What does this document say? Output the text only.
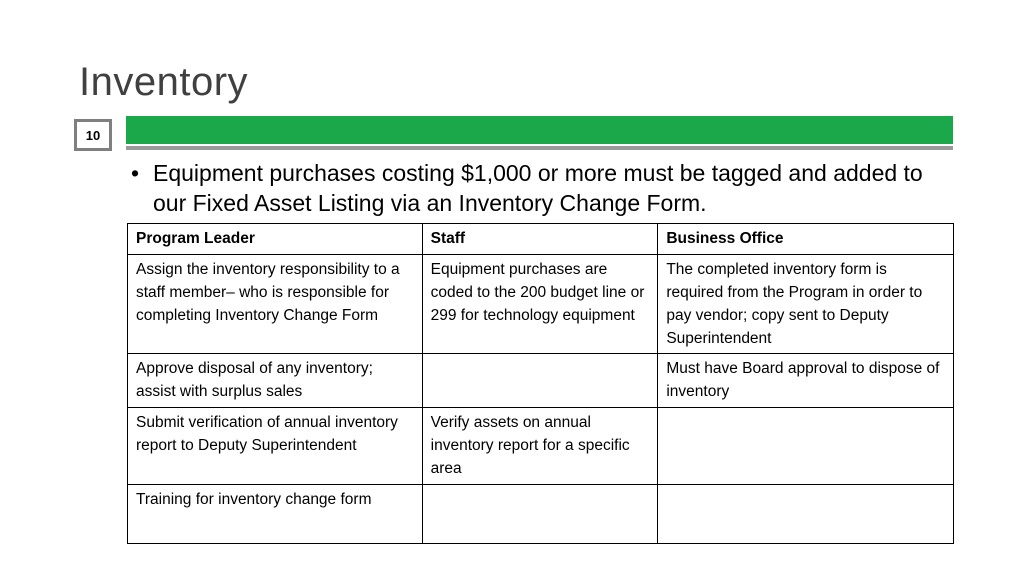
Inventory
10
• Equipment purchases costing $1,000 or more must be tagged and added to our Fixed Asset Listing via an Inventory Change Form.
Program Leader	Staff	Business Office
Assign the inventory responsibility to a staff member– who is responsible for completing Inventory Change Form	Equipment purchases are coded to the 200 budget line or 299 for technology equipment	The completed inventory form is required from the Program in order to pay vendor; copy sent to Deputy Superintendent
Approve disposal of any inventory; assist with surplus sales		Must have Board approval to dispose of inventory
Submit verification of annual inventory report to Deputy Superintendent	Verify assets on annual inventory report for a specific area	
Training for inventory change form		
